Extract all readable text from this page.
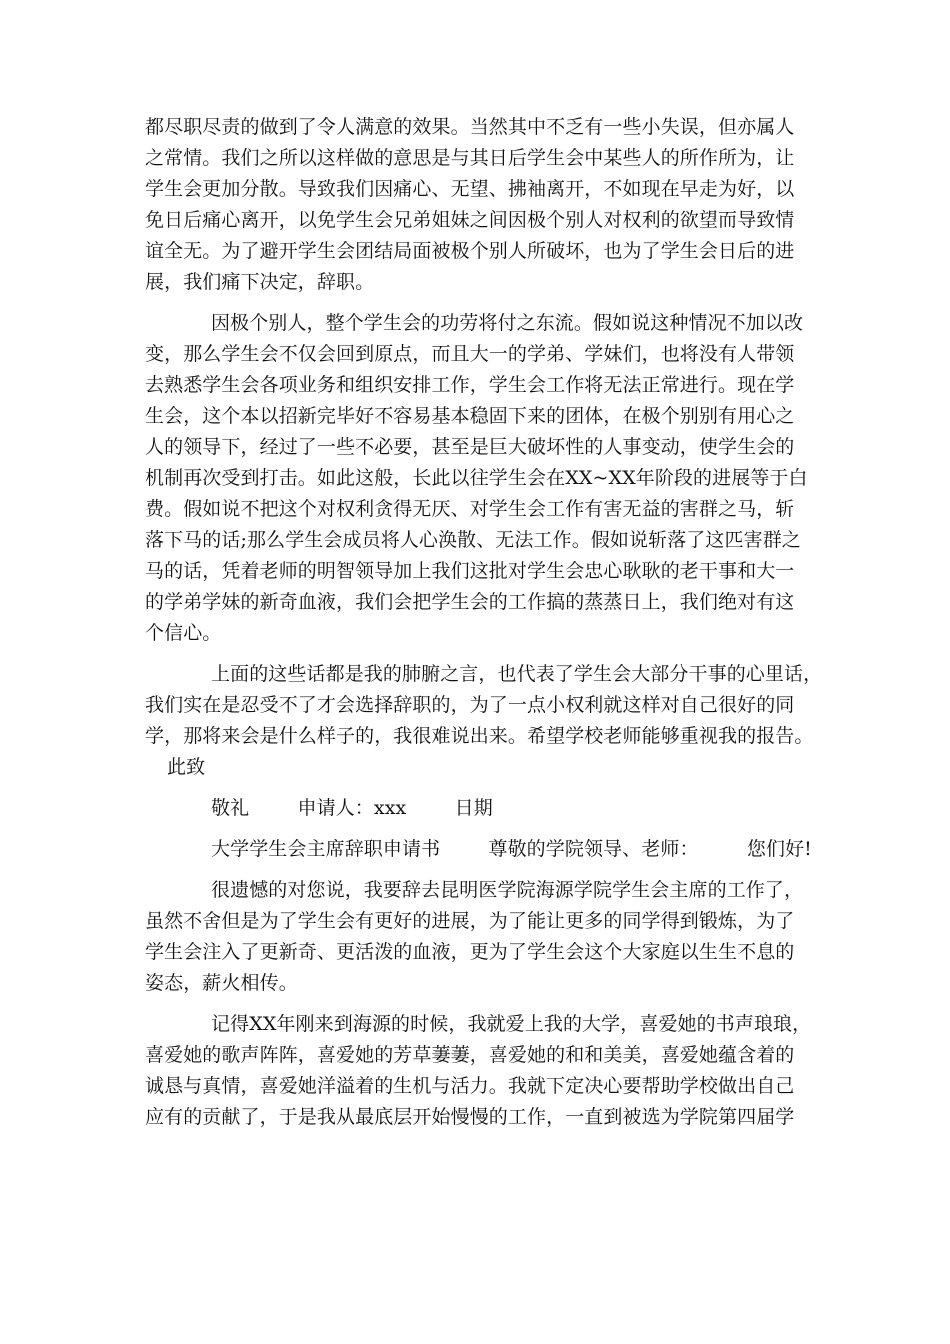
都尽职尽责的做到了令人满意的效果。当然其中不乏有一些小失误，但亦属人
之常情。我们之所以这样做的意思是与其日后学生会中某些人的所作所为，让
学生会更加分散。导致我们因痛心、无望、拂袖离开，不如现在早走为好，以
免日后痛心离开，以免学生会兄弟姐妹之间因极个别人对权利的欲望而导致情
谊全无。为了避开学生会团结局面被极个别人所破坏，也为了学生会日后的进
展，我们痛下决定，辞职。
因极个别人，整个学生会的功劳将付之东流。假如说这种情况不加以改
变，那么学生会不仅会回到原点，而且大一的学弟、学妹们，也将没有人带领
去熟悉学生会各项业务和组织安排工作，学生会工作将无法正常进行。现在学
生会，这个本以招新完毕好不容易基本稳固下来的团体，在极个别别有用心之
人的领导下，经过了一些不必要，甚至是巨大破坏性的人事变动，使学生会的
机制再次受到打击。如此这般，长此以往学生会在XX~XX年阶段的进展等于白
费。假如说不把这个对权利贪得无厌、对学生会工作有害无益的害群之马，斩
落下马的话;那么学生会成员将人心涣散、无法工作。假如说斩落了这匹害群之
马的话，凭着老师的明智领导加上我们这批对学生会忠心耿耿的老干事和大一
的学弟学妹的新奇血液，我们会把学生会的工作搞的蒸蒸日上，我们绝对有这
个信心。
上面的这些话都是我的肺腑之言，也代表了学生会大部分干事的心里话，
我们实在是忍受不了才会选择辞职的，为了一点小权利就这样对自己很好的同
学，那将来会是什么样子的，我很难说出来。希望学校老师能够重视我的报告。
此致
敬礼	申请人：xxx	日期
大学学生会主席辞职申请书	尊敬的学院领导、老师：	您们好!
很遗憾的对您说，我要辞去昆明医学院海源学院学生会主席的工作了，
虽然不舍但是为了学生会有更好的进展，为了能让更多的同学得到锻炼，为了
学生会注入了更新奇、更活泼的血液，更为了学生会这个大家庭以生生不息的
姿态，薪火相传。
记得XX年刚来到海源的时候，我就爱上我的大学，喜爱她的书声琅琅，
喜爱她的歌声阵阵，喜爱她的芳草萋萋，喜爱她的和和美美，喜爱她蕴含着的
诚恳与真情，喜爱她洋溢着的生机与活力。我就下定决心要帮助学校做出自己
应有的贡献了，于是我从最底层开始慢慢的工作，一直到被选为学院第四届学
